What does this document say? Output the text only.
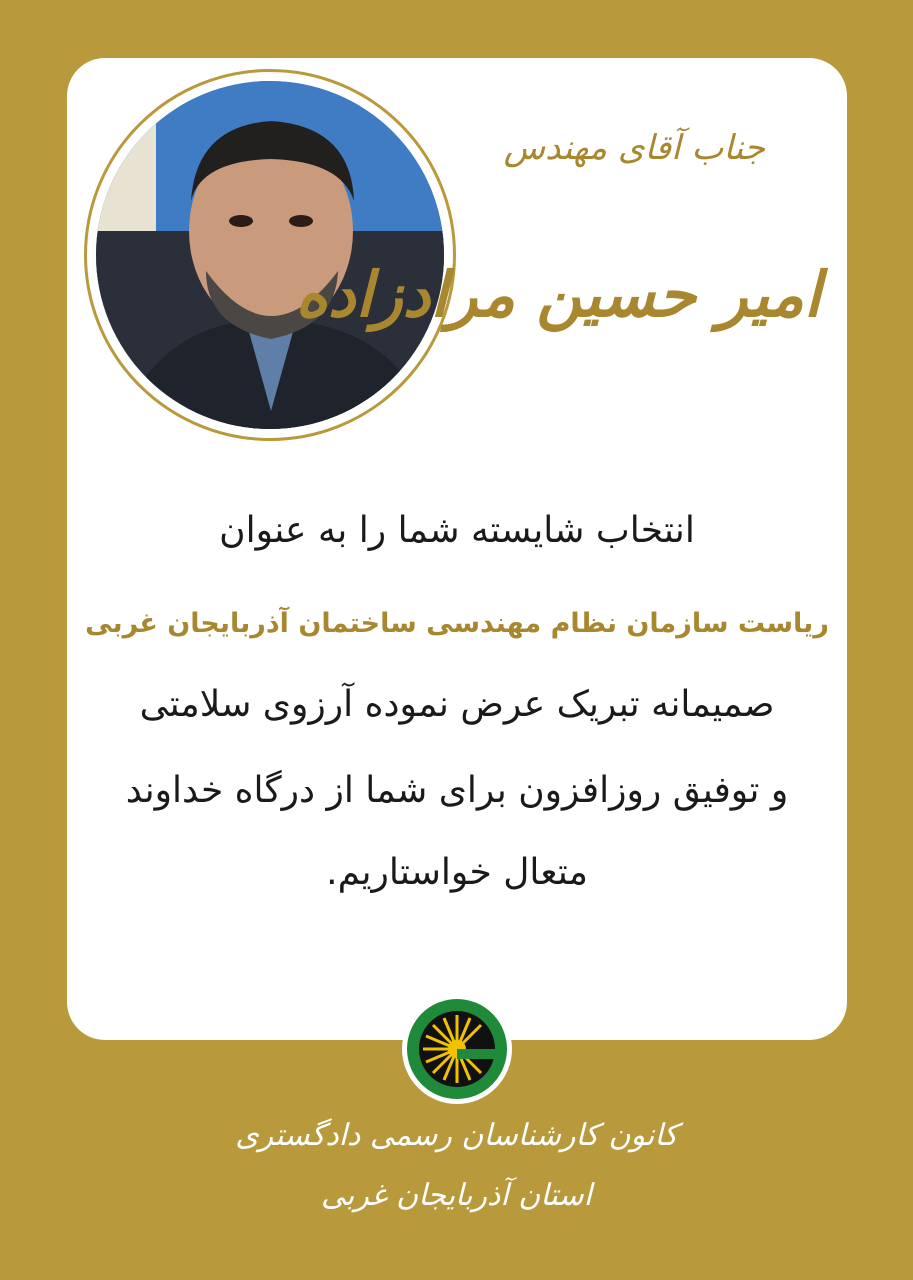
جناب آقای مهندس
امیر حسین مرادزاده
انتخاب شایسته شما را به عنوان
ریاست سازمان نظام مهندسی ساختمان آذربایجان غربی
صمیمانه تبریک عرض نموده آرزوی سلامتی
و توفیق روزافزون برای شما از درگاه خداوند
متعال خواستاریم.
کانون کارشناسان رسمی دادگستری
استان آذربایجان غربی
